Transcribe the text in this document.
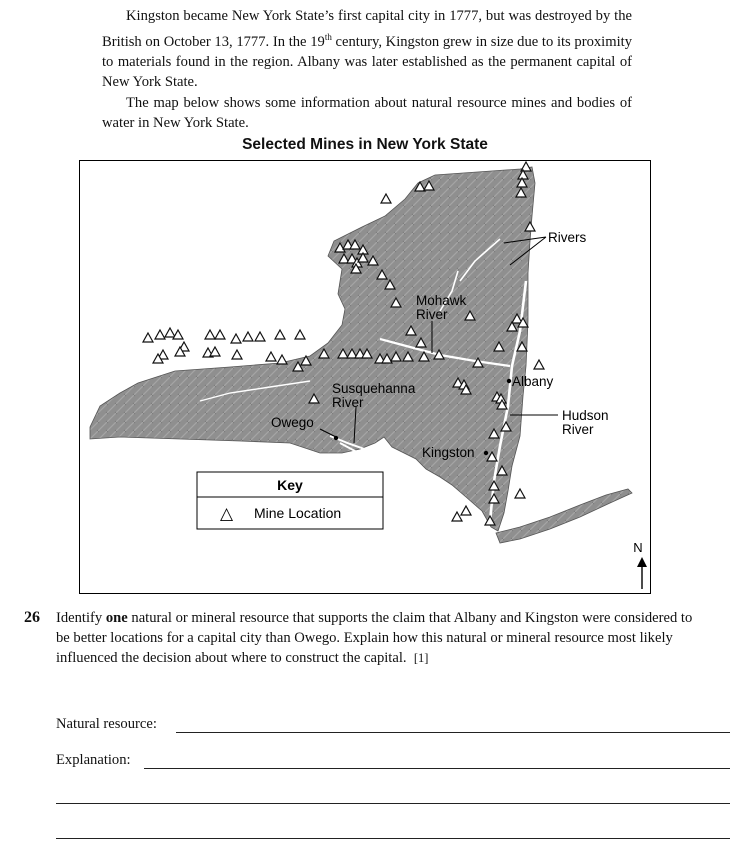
Kingston became New York State’s first capital city in 1777, but was destroyed by the British on October 13, 1777. In the 19th century, Kingston grew in size due to its proximity to materials found in the region. Albany was later established as the permanent capital of New York State.

The map below shows some information about natural resource mines and bodies of water in New York State.

Selected Mines in New York State
Rivers
Mohawk
River
Albany
Susquehanna
River
Owego	Hudson
River
Kingston
Key
△ Mine Location
N
26 Identify one natural or mineral resource that supports the claim that Albany and Kingston were considered to be better locations for a capital city than Owego. Explain how this natural or mineral resource most likely influenced the decision about where to construct the capital. [1]
Natural resource:
Explanation:
